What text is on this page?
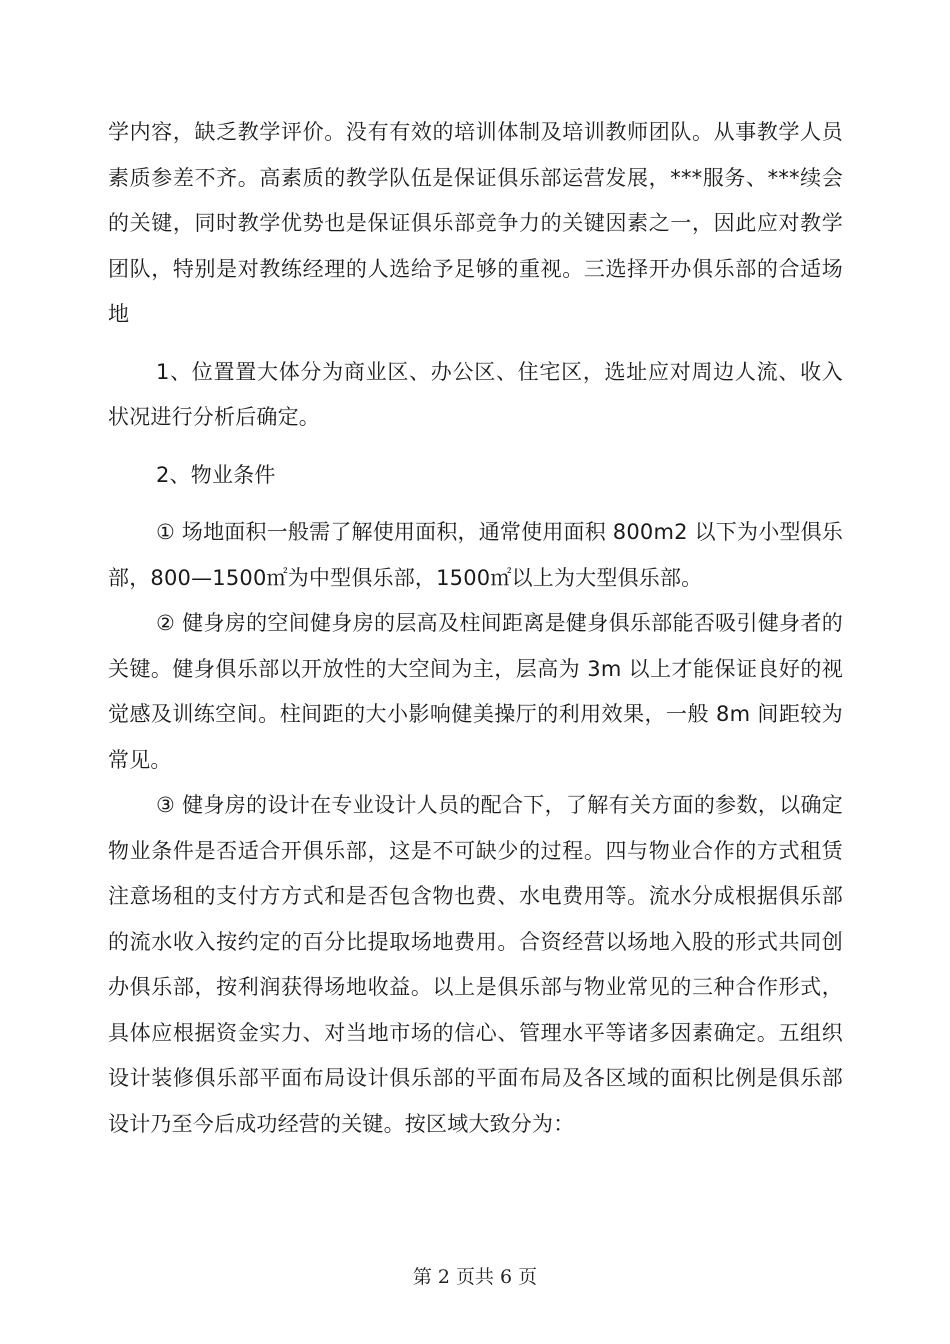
学内容，缺乏教学评价。没有有效的培训体制及培训教师团队。从事教学人员素质参差不齐。高素质的教学队伍是保证俱乐部运营发展，***服务、***续会的关键，同时教学优势也是保证俱乐部竞争力的关键因素之一，因此应对教学团队，特别是对教练经理的人选给予足够的重视。三选择开办俱乐部的合适场地

1、位置置大体分为商业区、办公区、住宅区，选址应对周边人流、收入状况进行分析后确定。

2、物业条件

① 场地面积一般需了解使用面积，通常使用面积 800m2 以下为小型俱乐部，800—1500㎡为中型俱乐部，1500㎡以上为大型俱乐部。

② 健身房的空间健身房的层高及柱间距离是健身俱乐部能否吸引健身者的关键。健身俱乐部以开放性的大空间为主，层高为 3m 以上才能保证良好的视觉感及训练空间。柱间距的大小影响健美操厅的利用效果，一般 8m 间距较为常见。

③ 健身房的设计在专业设计人员的配合下，了解有关方面的参数，以确定物业条件是否适合开俱乐部，这是不可缺少的过程。四与物业合作的方式租赁注意场租的支付方方式和是否包含物也费、水电费用等。流水分成根据俱乐部的流水收入按约定的百分比提取场地费用。合资经营以场地入股的形式共同创办俱乐部，按利润获得场地收益。以上是俱乐部与物业常见的三种合作形式，具体应根据资金实力、对当地市场的信心、管理水平等诸多因素确定。五组织设计装修俱乐部平面布局设计俱乐部的平面布局及各区域的面积比例是俱乐部设计乃至今后成功经营的关键。按区域大致分为：

第 2 页共 6 页
